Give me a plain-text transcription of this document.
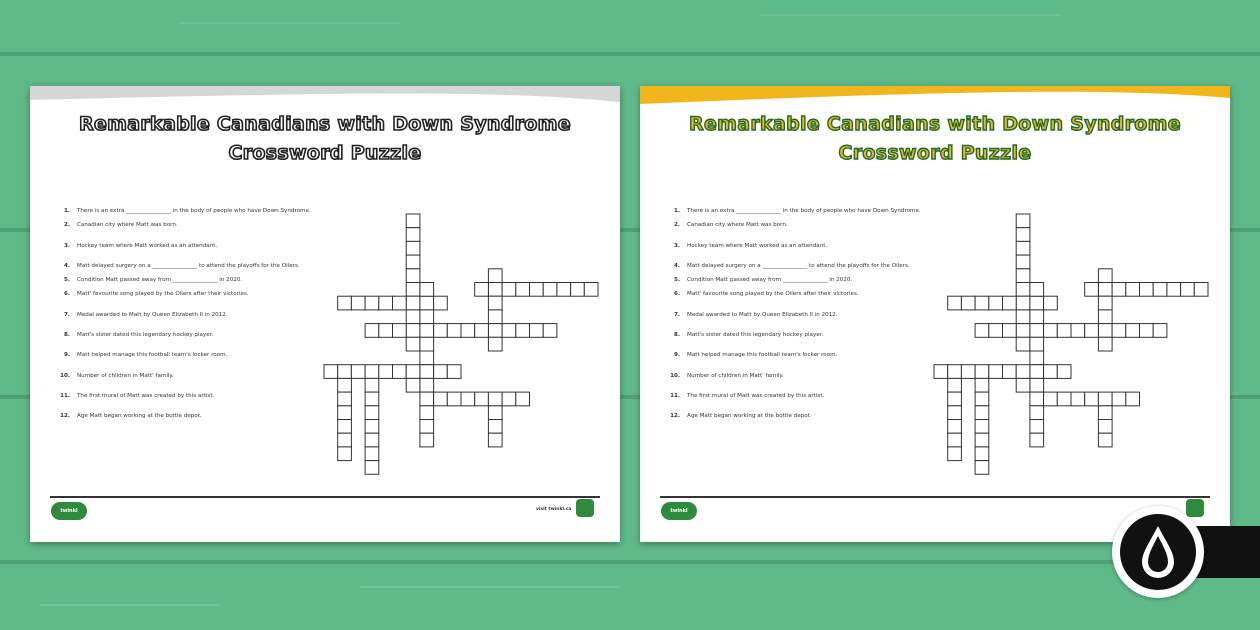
Remarkable Canadians with Down Syndrome
Crossword Puzzle
1. There is an extra ________________ in the body of people who have Down Syndrome.
2. Canadian city where Matt was born.
3. Hockey team where Matt worked as an attendant.
4. Matt delayed surgery on a ________________ to attend the playoffs for the Oilers.
5. Condition Matt passed away from ________________ in 2020.
6. Matt' favourite song played by the Oilers after their victories.
7. Medal awarded to Matt by Queen Elizabeth II in 2012.
8. Matt's sister dated this legendary hockey player.
9. Matt helped manage this football team's locker room.
10. Number of children in Matt' family.
11. The first mural of Matt was created by this artist.
12. Age Matt began working at the bottle depot.
twinkl	visit twinkl.ca
Remarkable Canadians with Down Syndrome
Crossword Puzzle
1. There is an extra ________________ in the body of people who have Down Syndrome.
2. Canadian city where Matt was born.
3. Hockey team where Matt worked as an attendant.
4. Matt delayed surgery on a ________________ to attend the playoffs for the Oilers.
5. Condition Matt passed away from ________________ in 2020.
6. Matt' favourite song played by the Oilers after their victories.
7. Medal awarded to Matt by Queen Elizabeth II in 2012.
8. Matt's sister dated this legendary hockey player.
9. Matt helped manage this football team's locker room.
10. Number of children in Matt' family.
11. The first mural of Matt was created by this artist.
12. Age Matt began working at the bottle depot.
twinkl
